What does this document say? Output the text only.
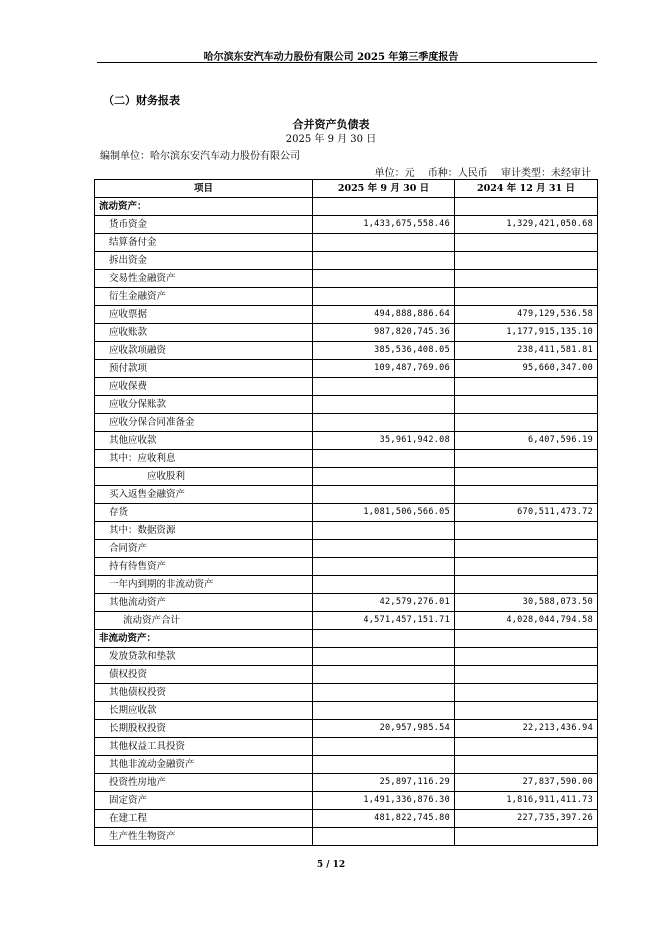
哈尔滨东安汽车动力股份有限公司 2025 年第三季度报告
（二）财务报表
合并资产负债表
2025 年 9 月 30 日
编制单位：哈尔滨东安汽车动力股份有限公司
单位：元 币种：人民币 审计类型：未经审计
项目	2025 年 9 月 30 日	2024 年 12 月 31 日
流动资产：		
货币资金	1,433,675,558.46	1,329,421,050.68
结算备付金		
拆出资金		
交易性金融资产		
衍生金融资产		
应收票据	494,888,886.64	479,129,536.58
应收账款	987,820,745.36	1,177,915,135.10
应收款项融资	385,536,408.05	238,411,581.81
预付款项	109,487,769.06	95,660,347.00
应收保费		
应收分保账款		
应收分保合同准备金		
其他应收款	35,961,942.08	6,407,596.19
其中：应收利息		
应收股利		
买入返售金融资产		
存货	1,081,506,566.05	670,511,473.72
其中：数据资源		
合同资产		
持有待售资产		
一年内到期的非流动资产		
其他流动资产	42,579,276.01	30,588,073.50
流动资产合计	4,571,457,151.71	4,028,044,794.58
非流动资产：		
发放贷款和垫款		
债权投资		
其他债权投资		
长期应收款		
长期股权投资	20,957,985.54	22,213,436.94
其他权益工具投资		
其他非流动金融资产		
投资性房地产	25,897,116.29	27,837,590.00
固定资产	1,491,336,876.30	1,816,911,411.73
在建工程	481,822,745.80	227,735,397.26
生产性生物资产		
5 / 12
